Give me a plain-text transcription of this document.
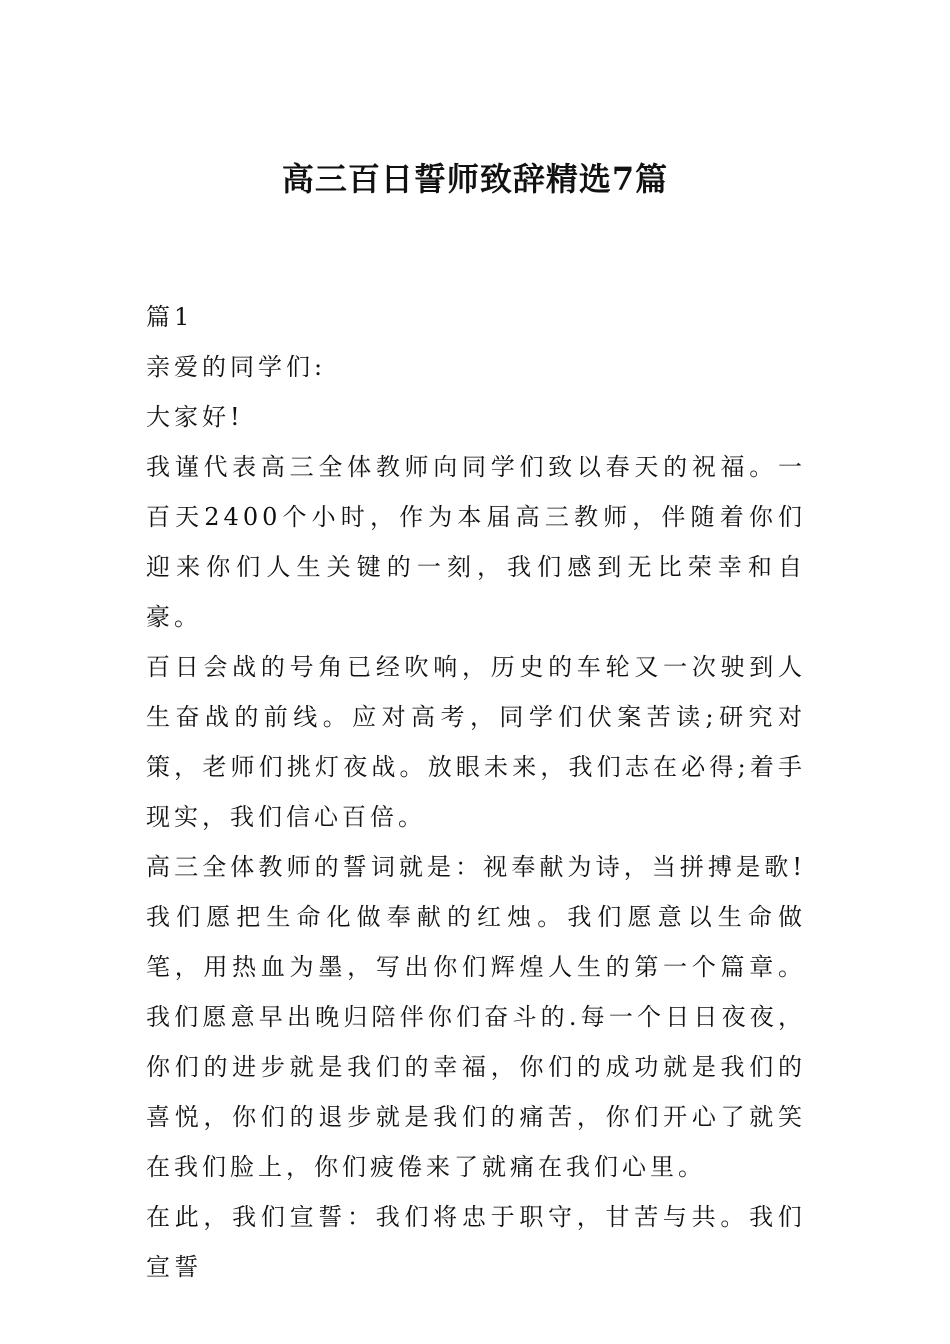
高三百日誓师致辞精选7篇

篇1

亲爱的同学们:

大家好!

我谨代表高三全体教师向同学们致以春天的祝福。一百天2400个小时，作为本届高三教师，伴随着你们迎来你们人生关键的一刻，我们感到无比荣幸和自豪。

百日会战的号角已经吹响，历史的车轮又一次驶到人生奋战的前线。应对高考，同学们伏案苦读;研究对策，老师们挑灯夜战。放眼未来，我们志在必得;着手现实，我们信心百倍。

高三全体教师的誓词就是：视奉献为诗，当拼搏是歌!我们愿把生命化做奉献的红烛。我们愿意以生命做笔，用热血为墨，写出你们辉煌人生的第一个篇章。我们愿意早出晚归陪伴你们奋斗的.每一个日日夜夜，你们的进步就是我们的幸福，你们的成功就是我们的喜悦，你们的退步就是我们的痛苦，你们开心了就笑在我们脸上，你们疲倦来了就痛在我们心里。

在此，我们宣誓：我们将忠于职守，甘苦与共。我们宣誓
